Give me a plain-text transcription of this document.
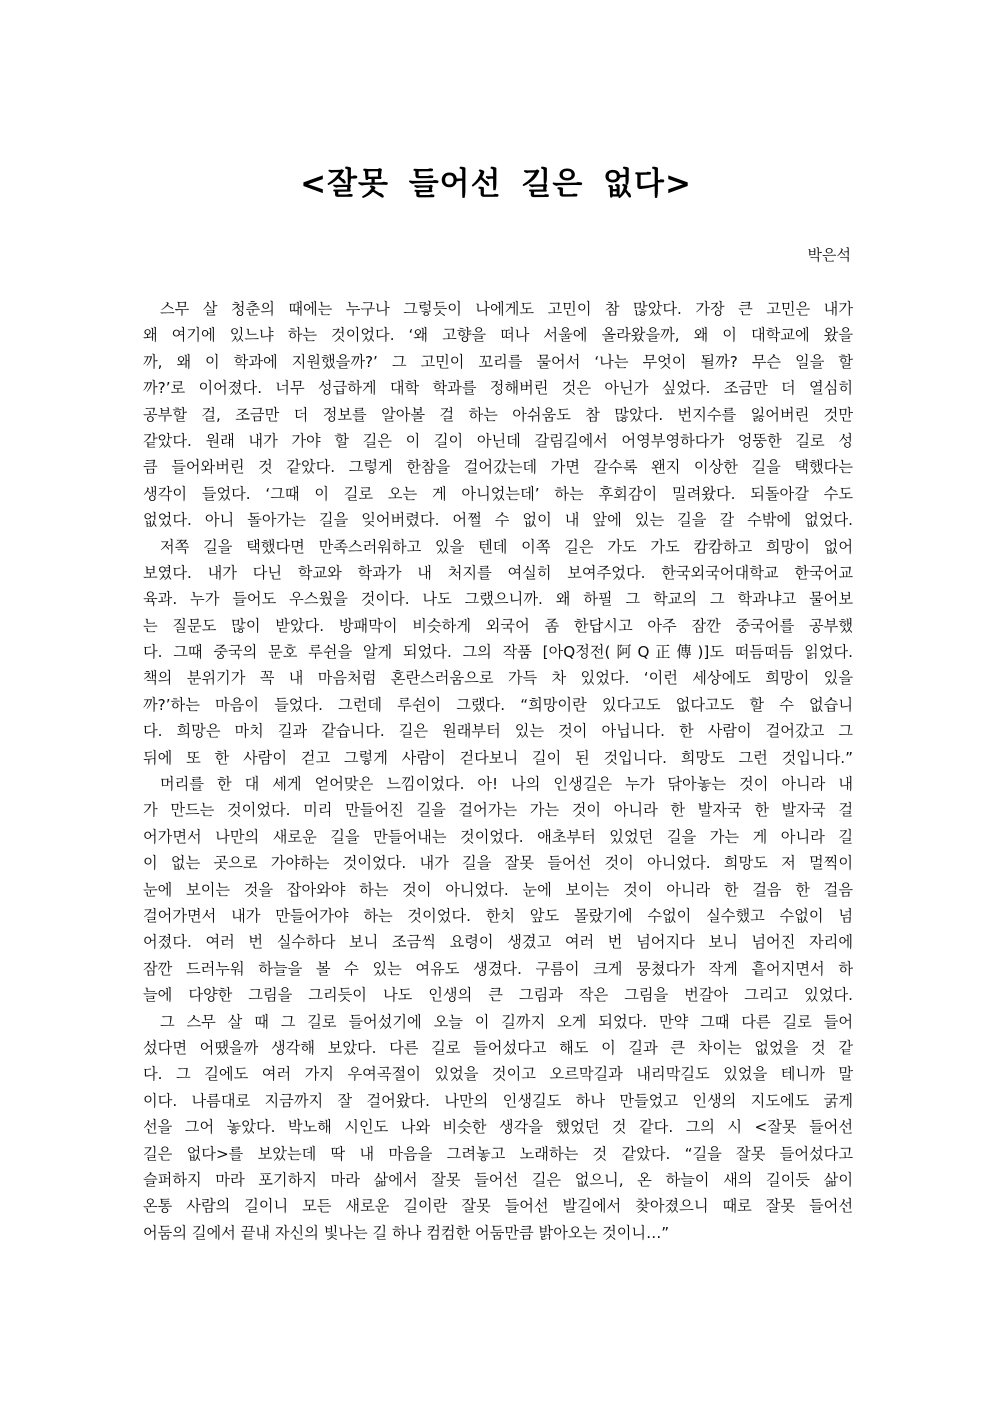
<잘못 들어선 길은 없다>
박은석
스무 살 청춘의 때에는 누구나 그렇듯이 나에게도 고민이 참 많았다. 가장 큰 고민은 내가
왜 여기에 있느냐 하는 것이었다. ‘왜 고향을 떠나 서울에 올라왔을까, 왜 이 대학교에 왔을
까, 왜 이 학과에 지원했을까?’ 그 고민이 꼬리를 물어서 ‘나는 무엇이 될까? 무슨 일을 할
까?’로 이어졌다. 너무 성급하게 대학 학과를 정해버린 것은 아닌가 싶었다. 조금만 더 열심히
공부할 걸, 조금만 더 정보를 알아볼 걸 하는 아쉬움도 참 많았다. 번지수를 잃어버린 것만
같았다. 원래 내가 가야 할 길은 이 길이 아닌데 갈림길에서 어영부영하다가 엉뚱한 길로 성
큼 들어와버린 것 같았다. 그렇게 한참을 걸어갔는데 가면 갈수록 왠지 이상한 길을 택했다는
생각이 들었다. ‘그때 이 길로 오는 게 아니었는데’ 하는 후회감이 밀려왔다. 되돌아갈 수도
없었다. 아니 돌아가는 길을 잊어버렸다. 어쩔 수 없이 내 앞에 있는 길을 갈 수밖에 없었다.
저쪽 길을 택했다면 만족스러워하고 있을 텐데 이쪽 길은 가도 가도 캄캄하고 희망이 없어
보였다. 내가 다닌 학교와 학과가 내 처지를 여실히 보여주었다. 한국외국어대학교 한국어교
육과. 누가 들어도 우스웠을 것이다. 나도 그랬으니까. 왜 하필 그 학교의 그 학과냐고 물어보
는 질문도 많이 받았다. 방패막이 비슷하게 외국어 좀 한답시고 아주 잠깐 중국어를 공부했
다. 그때 중국의 문호 루쉰을 알게 되었다. 그의 작품 [아Q정전(阿Q正傳)]도 떠듬떠듬 읽었다.
책의 분위기가 꼭 내 마음처럼 혼란스러움으로 가득 차 있었다. ‘이런 세상에도 희망이 있을
까?’하는 마음이 들었다. 그런데 루쉰이 그랬다. “희망이란 있다고도 없다고도 할 수 없습니
다. 희망은 마치 길과 같습니다. 길은 원래부터 있는 것이 아닙니다. 한 사람이 걸어갔고 그
뒤에 또 한 사람이 걷고 그렇게 사람이 걷다보니 길이 된 것입니다. 희망도 그런 것입니다.”
머리를 한 대 세게 얻어맞은 느낌이었다. 아! 나의 인생길은 누가 닦아놓는 것이 아니라 내
가 만드는 것이었다. 미리 만들어진 길을 걸어가는 가는 것이 아니라 한 발자국 한 발자국 걸
어가면서 나만의 새로운 길을 만들어내는 것이었다. 애초부터 있었던 길을 가는 게 아니라 길
이 없는 곳으로 가야하는 것이었다. 내가 길을 잘못 들어선 것이 아니었다. 희망도 저 멀찍이
눈에 보이는 것을 잡아와야 하는 것이 아니었다. 눈에 보이는 것이 아니라 한 걸음 한 걸음
걸어가면서 내가 만들어가야 하는 것이었다. 한치 앞도 몰랐기에 수없이 실수했고 수없이 넘
어졌다. 여러 번 실수하다 보니 조금씩 요령이 생겼고 여러 번 넘어지다 보니 넘어진 자리에
잠깐 드러누워 하늘을 볼 수 있는 여유도 생겼다. 구름이 크게 뭉쳤다가 작게 흩어지면서 하
늘에 다양한 그림을 그리듯이 나도 인생의 큰 그림과 작은 그림을 번갈아 그리고 있었다.
그 스무 살 때 그 길로 들어섰기에 오늘 이 길까지 오게 되었다. 만약 그때 다른 길로 들어
섰다면 어땠을까 생각해 보았다. 다른 길로 들어섰다고 해도 이 길과 큰 차이는 없었을 것 같
다. 그 길에도 여러 가지 우여곡절이 있었을 것이고 오르막길과 내리막길도 있었을 테니까 말
이다. 나름대로 지금까지 잘 걸어왔다. 나만의 인생길도 하나 만들었고 인생의 지도에도 굵게
선을 그어 놓았다. 박노해 시인도 나와 비슷한 생각을 했었던 것 같다. 그의 시 <잘못 들어선
길은 없다>를 보았는데 딱 내 마음을 그려놓고 노래하는 것 같았다. “길을 잘못 들어섰다고
슬퍼하지 마라 포기하지 마라 삶에서 잘못 들어선 길은 없으니, 온 하늘이 새의 길이듯 삶이
온통 사람의 길이니 모든 새로운 길이란 잘못 들어선 발길에서 찾아졌으니 때로 잘못 들어선
어둠의 길에서 끝내 자신의 빛나는 길 하나 컴컴한 어둠만큼 밝아오는 것이니…”
